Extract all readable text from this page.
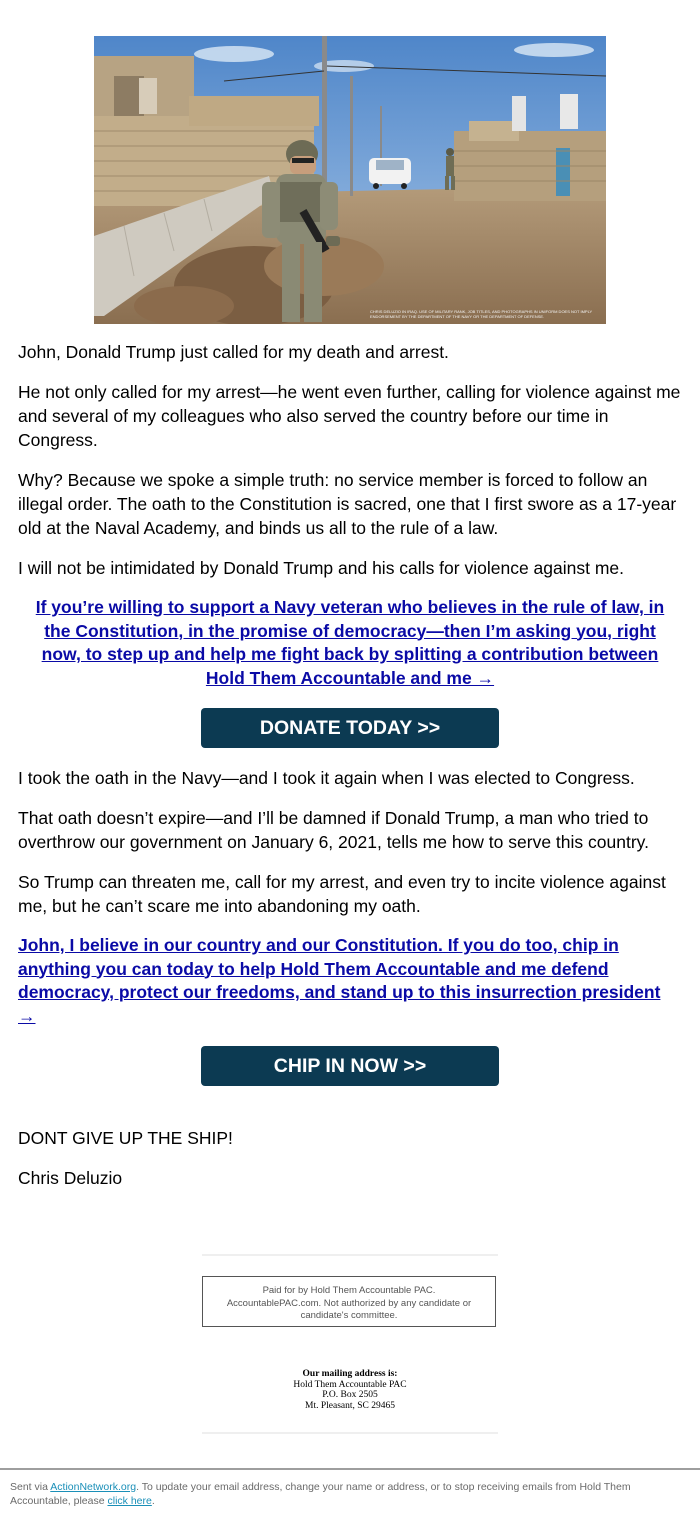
CHRIS DELUZIO IN IRAQ. USE OF MILITARY RANK, JOB TITLES, AND PHOTOGRAPHS IN UNIFORM DOES NOT IMPLY ENDORSEMENT BY THE DEPARTMENT OF THE NAVY OR THE DEPARTMENT OF DEFENSE.

John, Donald Trump just called for my death and arrest.

He not only called for my arrest—he went even further, calling for violence against me and several of my colleagues who also served the country before our time in Congress.

Why? Because we spoke a simple truth: no service member is forced to follow an illegal order. The oath to the Constitution is sacred, one that I first swore as a 17-year old at the Naval Academy, and binds us all to the rule of a law.

I will not be intimidated by Donald Trump and his calls for violence against me.

If you’re willing to support a Navy veteran who believes in the rule of law, in the Constitution, in the promise of democracy—then I’m asking you, right now, to step up and help me fight back by splitting a contribution between Hold Them Accountable and me →
DONATE TODAY >>

I took the oath in the Navy—and I took it again when I was elected to Congress.

That oath doesn’t expire—and I’ll be damned if Donald Trump, a man who tried to overthrow our government on January 6, 2021, tells me how to serve this country.

So Trump can threaten me, call for my arrest, and even try to incite violence against me, but he can’t scare me into abandoning my oath.

John, I believe in our country and our Constitution. If you do too, chip in anything you can today to help Hold Them Accountable and me defend democracy, protect our freedoms, and stand up to this insurrection president →
CHIP IN NOW >>

DONT GIVE UP THE SHIP!

Chris Deluzio

Paid for by Hold Them Accountable PAC. AccountablePAC.com. Not authorized by any candidate or candidate's committee.
Our mailing address is:
Hold Them Accountable PAC
P.O. Box 2505
Mt. Pleasant, SC 29465
Sent via ActionNetwork.org. To update your email address, change your name or address, or to stop receiving emails from Hold Them Accountable, please click here.
